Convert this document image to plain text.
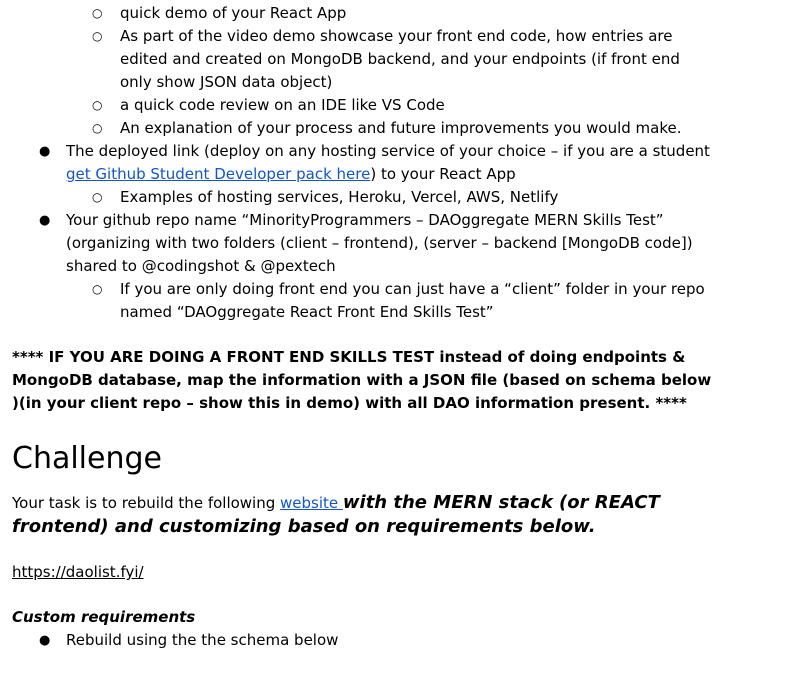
○ quick demo of your React App
○ As part of the video demo showcase your front end code, how entries are edited and created on MongoDB backend, and your endpoints (if front end only show JSON data object)
○ a quick code review on an IDE like VS Code
○ An explanation of your process and future improvements you would make.
● The deployed link (deploy on any hosting service of your choice – if you are a student get Github Student Developer pack here) to your React App
○ Examples of hosting services, Heroku, Vercel, AWS, Netlify
● Your github repo name “MinorityProgrammers – DAOggregate MERN Skills Test” (organizing with two folders (client – frontend), (server – backend [MongoDB code]) shared to @codingshot & @pextech
○ If you are only doing front end you can just have a “client” folder in your repo named “DAOggregate React Front End Skills Test”
**** IF YOU ARE DOING A FRONT END SKILLS TEST instead of doing endpoints & MongoDB database, map the information with a JSON file (based on schema below )(in your client repo – show this in demo) with all DAO information present. ****
Challenge
Your task is to rebuild the following website with the MERN stack (or REACT frontend) and customizing based on requirements below.
https://daolist.fyi/
Custom requirements
● Rebuild using the the schema below
